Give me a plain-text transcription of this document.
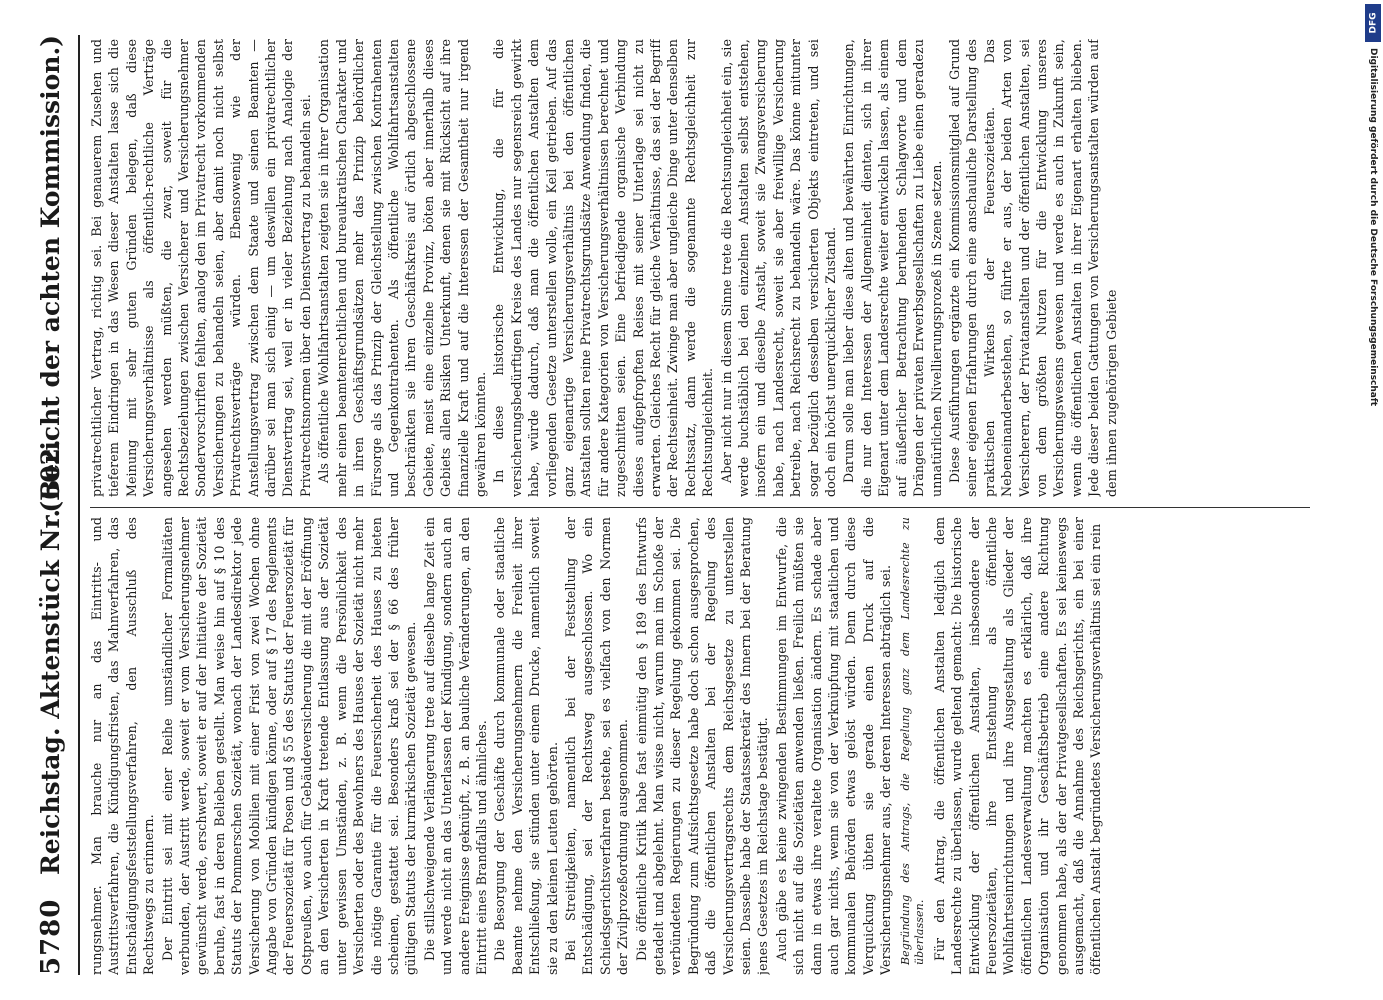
5780
Reichstag. Aktenstück Nr. 602.
(Bericht der achten Kommission.)

rungsnehmer. Man brauche nur an das Eintritts- und Austrittsverfahren, die Kündigungsfristen, das Mahnverfahren, das Entschädigungsfeststellungsverfahren, den Ausschluß des Rechtswegs zu erinnern. Der Eintritt sei mit einer Reihe umständlicher Formalitäten verbunden, der Austritt werde, soweit er vom Versicherungsnehmer gewünscht werde, erschwert, soweit er auf der Initiative der Sozietät beruhe, fast in deren Belieben gestellt. Man weise hin auf § 10 des Statuts der Pommerschen Sozietät, wonach der Landesdirektor jede Versicherung von Mobilien mit einer Frist von zwei Wochen ohne Angabe von Gründen kündigen könne, oder auf § 17 des Reglements der Feuersozietät für Posen und § 55 des Statuts der Feuersozietät für Ostpreußen, wo auch für Gebäudeversicherung die mit der Eröffnung an den Versicherten in Kraft tretende Entlassung aus der Sozietät unter gewissen Umständen, z. B. wenn die Persönlichkeit des Versicherten oder des Bewohners des Hauses der Sozietät nicht mehr die nötige Garantie für die Feuersicherheit des Hauses zu bieten scheinen, gestattet sei. Besonders kraß sei der § 66 des früher gültigen Statuts der kurmärkischen Sozietät gewesen. Die stillschweigende Verlängerung trete auf dieselbe lange Zeit ein und werde nicht an das Unterlassen der Kündigung, sondern auch an andere Ereignisse geknüpft, z. B. an bauliche Veränderungen, an den Eintritt eines Brandfalls und ähnliches. Die Besorgung der Geschäfte durch kommunale oder staatliche Beamte nehme den Versicherungsnehmern die Freiheit ihrer Entschließung, sie stünden unter einem Drucke, namentlich soweit sie zu den kleinen Leuten gehörten. Bei Streitigkeiten, namentlich bei der Feststellung der Entschädigung, sei der Rechtsweg ausgeschlossen. Wo ein Schiedsgerichtsverfahren bestehe, sei es vielfach von den Normen der Zivilprozeßordnung ausgenommen. Die öffentliche Kritik habe fast einmütig den § 189 des Entwurfs getadelt und abgelehnt. Man wisse nicht, warum man im Schoße der verbündeten Regierungen zu dieser Regelung gekommen sei. Die Begründung zum Aufsichtsgesetze habe doch schon ausgesprochen, daß die öffentlichen Anstalten bei der Regelung des Versicherungsvertragsrechts dem Reichsgesetze zu unterstellen seien. Dasselbe habe der Staatssekretär des Innern bei der Beratung jenes Gesetzes im Reichstage bestätigt. Auch gäbe es keine zwingenden Bestimmungen im Entwurfe, die sich nicht auf die Sozietäten anwenden ließen. Freilich müßten sie dann in etwas ihre veraltete Organisation ändern. Es schade aber auch gar nichts, wenn sie von der Verknüpfung mit staatlichen und kommunalen Behörden etwas gelöst würden. Denn durch diese Verquickung übten sie gerade einen Druck auf die Versicherungsnehmer aus, der deren Interessen abträglich sei. Begründung des Antrags, die Regelung ganz dem Landesrechte zu überlassen. Für den Antrag, die öffentlichen Anstalten lediglich dem Landesrechte zu überlassen, wurde geltend gemacht: Die historische Entwicklung der öffentlichen Anstalten, insbesondere der Feuersozietäten, ihre Entstehung als öffentliche Wohlfahrtseinrichtungen und ihre Ausgestaltung als Glieder der öffentlichen Landesverwaltung machten es erklärlich, daß ihre Organisation und ihr Geschäftsbetrieb eine andere Richtung genommen habe, als der der Privatgesellschaften. Es sei keineswegs ausgemacht, daß die Annahme des Reichsgerichts, ein bei einer öffentlichen Anstalt begründetes Versicherungsverhältnis sei ein rein

privatrechtlicher Vertrag, richtig sei. Bei genauerem Zusehen und tieferem Eindringen in das Wesen dieser Anstalten lasse sich die Meinung mit sehr guten Gründen belegen, daß diese Versicherungsverhältnisse als öffentlich-rechtliche Verträge angesehen werden müßten, die zwar, soweit für die Rechtsbeziehungen zwischen Versicherer und Versicherungsnehmer Sondervorschriften fehlten, analog den im Privatrecht vorkommenden Versicherungen zu behandeln seien, aber damit noch nicht selbst Privatrechtsverträge würden. Ebensowenig wie der Anstellungsvertrag zwischen dem Staate und seinen Beamten — darüber sei man sich einig — um deswillen ein privatrechtlicher Dienstvertrag sei, weil er in vieler Beziehung nach Analogie der Privatrechtsnormen über den Dienstvertrag zu behandeln sei. Als öffentliche Wohlfahrtsanstalten zeigten sie in ihrer Organisation mehr einen beamtenrechtlichen und bureaukratischen Charakter und in ihren Geschäftsgrundsätzen mehr das Prinzip behördlicher Fürsorge als das Prinzip der Gleichstellung zwischen Kontrahenten und Gegenkontrahenten. Als öffentliche Wohlfahrtsanstalten beschränkten sie ihren Geschäftskreis auf örtlich abgeschlossene Gebiete, meist eine einzelne Provinz, böten aber innerhalb dieses Gebiets allen Risiken Unterkunft, denen sie mit Rücksicht auf ihre finanzielle Kraft und auf die Interessen der Gesamtheit nur irgend gewähren könnten. In diese historische Entwicklung, die für die versicherungsbedürftigen Kreise des Landes nur segensreich gewirkt habe, würde dadurch, daß man die öffentlichen Anstalten dem vorliegenden Gesetze unterstellen wolle, ein Keil getrieben. Auf das ganz eigenartige Versicherungsverhältnis bei den öffentlichen Anstalten sollten reine Privatrechtsgrundsätze Anwendung finden, die für andere Kategorien von Versicherungsverhältnissen berechnet und zugeschnitten seien. Eine befriedigende organische Verbindung dieses aufgepfropften Reises mit seiner Unterlage sei nicht zu erwarten. Gleiches Recht für gleiche Verhältnisse, das sei der Begriff der Rechtseinheit. Zwinge man aber ungleiche Dinge unter denselben Rechtssatz, dann werde die sogenannte Rechtsgleichheit zur Rechtsungleichheit. Aber nicht nur in diesem Sinne trete die Rechtsungleichheit ein, sie werde buchstäblich bei den einzelnen Anstalten selbst entstehen, insofern ein und dieselbe Anstalt, soweit sie Zwangsversicherung habe, nach Landesrecht, soweit sie aber freiwillige Versicherung betreibe, nach Reichsrecht zu behandeln wäre. Das könne mitunter sogar bezüglich desselben versicherten Objekts eintreten, und sei doch ein höchst unerquicklicher Zustand. Darum solle man lieber diese alten und bewährten Einrichtungen, die nur den Interessen der Allgemeinheit dienten, sich in ihrer Eigenart unter dem Landesrechte weiter entwickeln lassen, als einem auf äußerlicher Betrachtung beruhenden Schlagworte und dem Drängen der privaten Erwerbsgesellschaften zu Liebe einen geradezu unnatürlichen Nivellierungsprozeß in Szene setzen. Diese Ausführungen ergänzte ein Kommissionsmitglied auf Grund seiner eigenen Erfahrungen durch eine anschauliche Darstellung des praktischen Wirkens der Feuersozietäten. Das Nebeneinanderbestehen, so führte er aus, der beiden Arten von Versicherern, der Privatanstalten und der öffentlichen Anstalten, sei von dem größten Nutzen für die Entwicklung unseres Versicherungswesens gewesen und werde es auch in Zukunft sein, wenn die öffentlichen Anstalten in ihrer Eigenart erhalten blieben. Jede dieser beiden Gattungen von Versicherungsanstalten würden auf dem ihnen zugehörigen Gebiete

DFG
Digitalisierung gefördert durch die Deutsche Forschungsgemeinschaft
